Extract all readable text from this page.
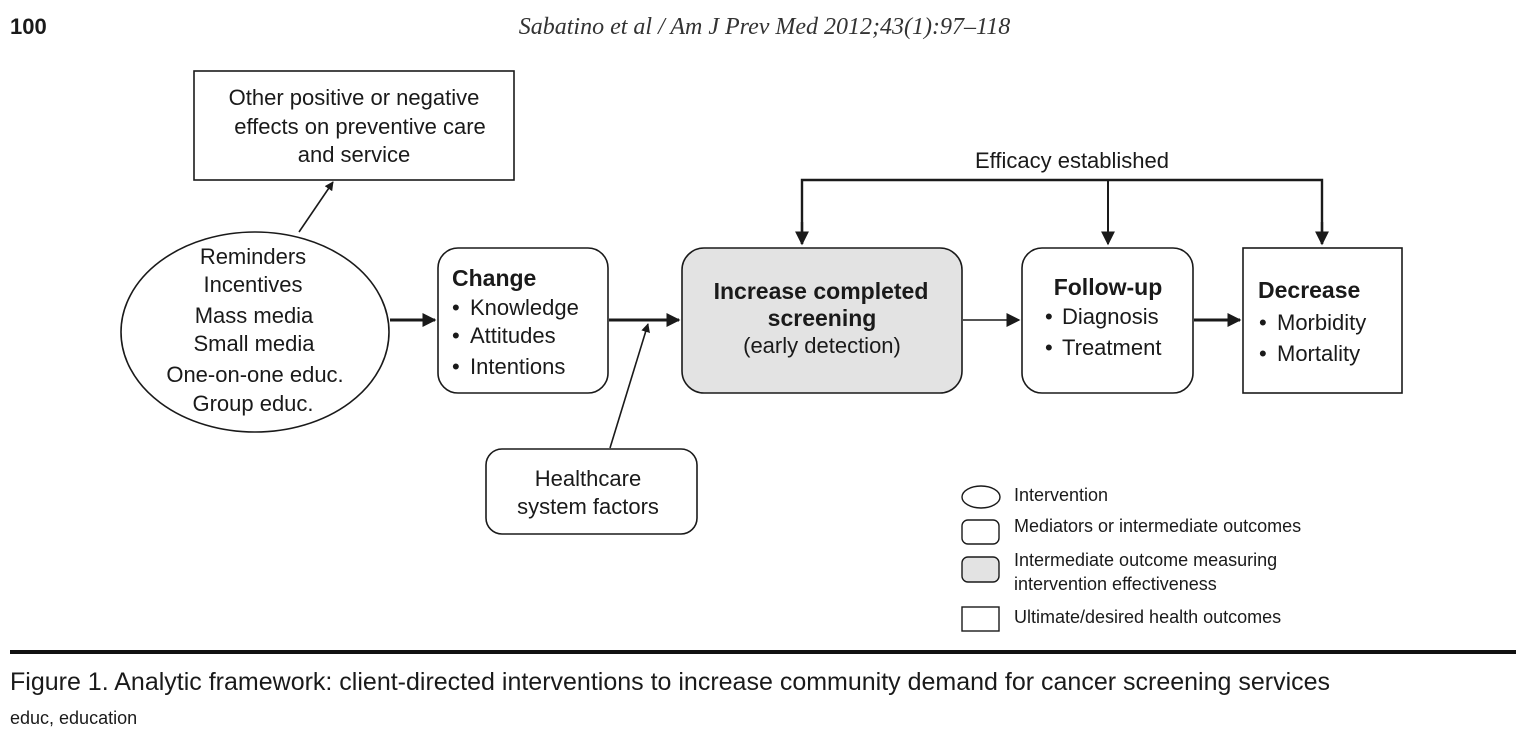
100	Sabatino et al / Am J Prev Med 2012;43(1):97–118
Other positive or negative
effects on preventive care
and service
Reminders
Incentives
Mass media
Small media
One-on-one educ.
Group educ.
Change
• Knowledge
• Attitudes
• Intentions
Increase completed
screening
(early detection)
Follow-up
• Diagnosis
• Treatment
Decrease
• Morbidity
• Mortality
Healthcare
system factors
Efficacy established
Intervention
Mediators or intermediate outcomes
Intermediate outcome measuring
intervention effectiveness
Ultimate/desired health outcomes
Figure 1. Analytic framework: client-directed interventions to increase community demand for cancer screening services
educ, education
